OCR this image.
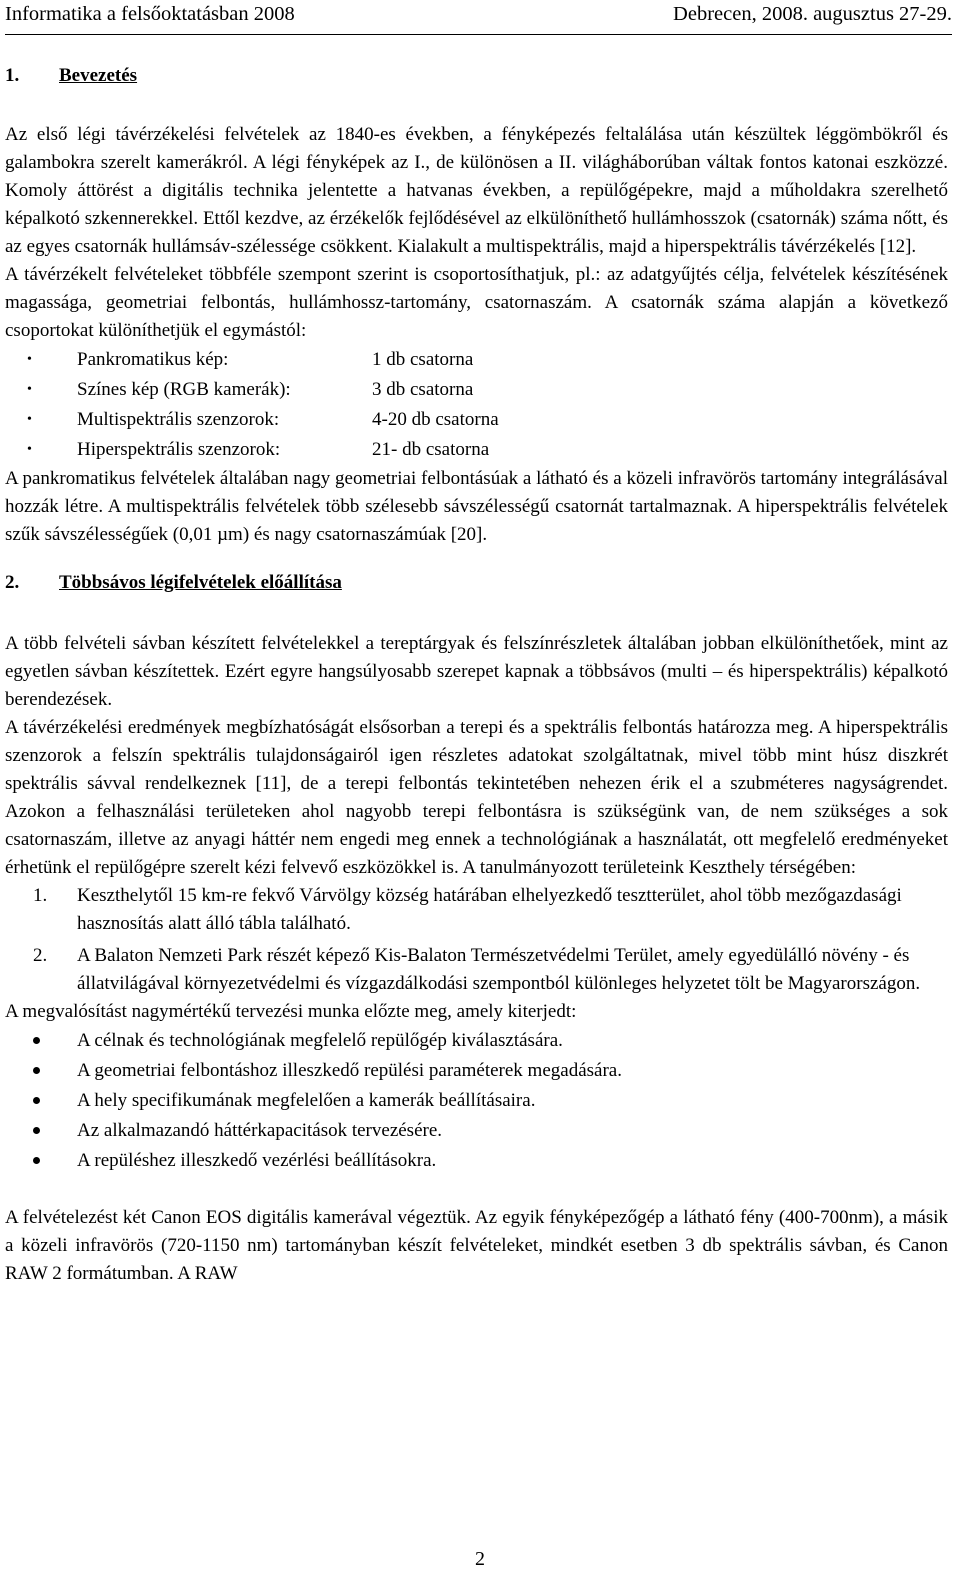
Informatika a felsőoktatásban 2008	Debrecen, 2008. augusztus 27-29.
1.	Bevezetés

Az első légi távérzékelési felvételek az 1840-es években, a fényképezés feltalálása után készültek léggömbökről és galambokra szerelt kamerákról. A légi fényképek az I., de különösen a II. világháborúban váltak fontos katonai eszközzé. Komoly áttörést a digitális technika jelentette a hatvanas években, a repülőgépekre, majd a műholdakra szerelhető képalkotó szkennerekkel. Ettől kezdve, az érzékelők fejlődésével az elkülöníthető hullámhosszok (csatornák) száma nőtt, és az egyes csatornák hullámsáv-szélessége csökkent. Kialakult a multispektrális, majd a hiperspektrális távérzékelés [12].

A távérzékelt felvételeket többféle szempont szerint is csoportosíthatjuk, pl.: az adatgyűjtés célja, felvételek készítésének magassága, geometriai felbontás, hullámhossz-tartomány, csatornaszám. A csatornák száma alapján a következő csoportokat különíthetjük el egymástól:

•	Pankromatikus kép:	1 db csatorna
•	Színes kép (RGB kamerák):	3 db csatorna
•	Multispektrális szenzorok:	4-20 db csatorna
•	Hiperspektrális szenzorok:	21- db csatorna

A pankromatikus felvételek általában nagy geometriai felbontásúak a látható és a közeli infravörös tartomány integrálásával hozzák létre. A multispektrális felvételek több szélesebb sávszélességű csatornát tartalmaznak. A hiperspektrális felvételek szűk sávszélességűek (0,01 µm) és nagy csatornaszámúak [20].

2.	Többsávos légifelvételek előállítása

A több felvételi sávban készített felvételekkel a tereptárgyak és felszínrészletek általában jobban elkülöníthetőek, mint az egyetlen sávban készítettek. Ezért egyre hangsúlyosabb szerepet kapnak a többsávos (multi – és hiperspektrális) képalkotó berendezések.

A távérzékelési eredmények megbízhatóságát elsősorban a terepi és a spektrális felbontás határozza meg. A hiperspektrális szenzorok a felszín spektrális tulajdonságairól igen részletes adatokat szolgáltatnak, mivel több mint húsz diszkrét spektrális sávval rendelkeznek [11], de a terepi felbontás tekintetében nehezen érik el a szubméteres nagyságrendet. Azokon a felhasználási területeken ahol nagyobb terepi felbontásra is szükségünk van, de nem szükséges a sok csatornaszám, illetve az anyagi háttér nem engedi meg ennek a technológiának a használatát, ott megfelelő eredményeket érhetünk el repülőgépre szerelt kézi felvevő eszközökkel is. A tanulmányozott területeink Keszthely térségében:

1.	Keszthelytől 15 km-re fekvő Várvölgy község határában elhelyezkedő tesztterület, ahol több mezőgazdasági hasznosítás alatt álló tábla található.
2.	A Balaton Nemzeti Park részét képező Kis-Balaton Természetvédelmi Terület, amely egyedülálló növény - és állatvilágával környezetvédelmi és vízgazdálkodási szempontból különleges helyzetet tölt be Magyarországon.

A megvalósítást nagymértékű tervezési munka előzte meg, amely kiterjedt:

A célnak és technológiának megfelelő repülőgép kiválasztására.
A geometriai felbontáshoz illeszkedő repülési paraméterek megadására.
A hely specifikumának megfelelően a kamerák beállításaira.
Az alkalmazandó háttérkapacitások tervezésére.
A repüléshez illeszkedő vezérlési beállításokra.

A felvételezést két Canon EOS digitális kamerával végeztük. Az egyik fényképezőgép a látható fény (400-700nm), a másik a közeli infravörös (720-1150 nm) tartományban készít felvételeket, mindkét esetben 3 db spektrális sávban, és Canon RAW 2 formátumban. A RAW

2
